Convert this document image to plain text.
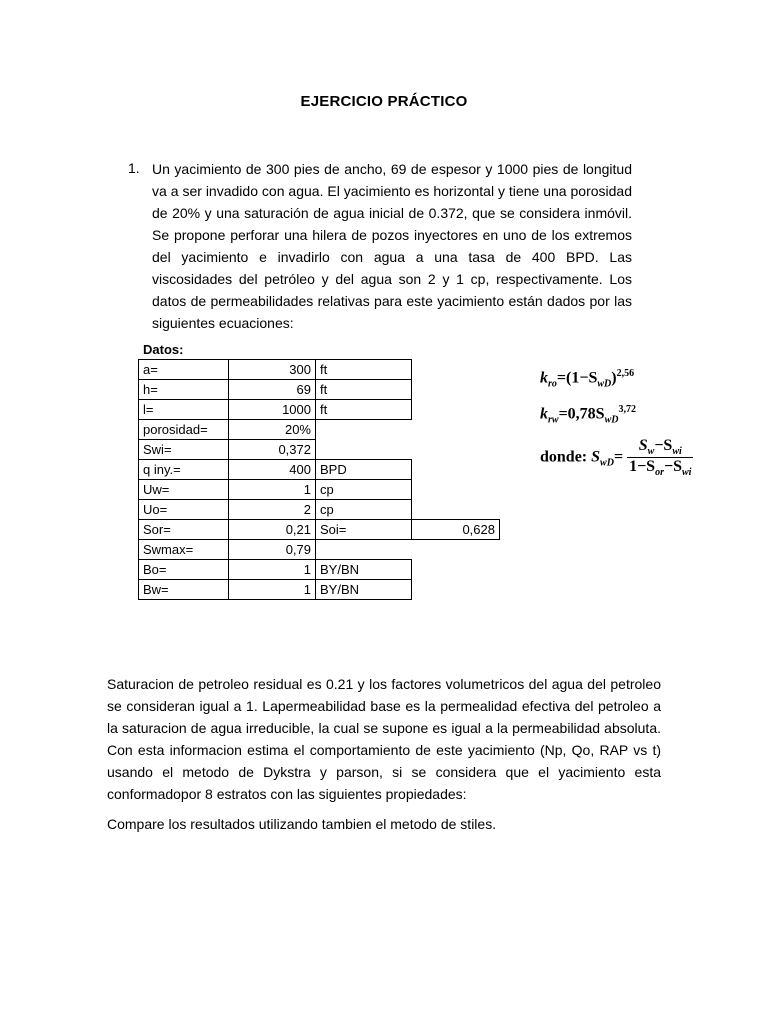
EJERCICIO PRÁCTICO
1. Un yacimiento de 300 pies de ancho, 69 de espesor y 1000 pies de longitud va a ser invadido con agua. El yacimiento es horizontal y tiene una porosidad de 20% y una saturación de agua inicial de 0.372, que se considera inmóvil. Se propone perforar una hilera de pozos inyectores en uno de los extremos del yacimiento e invadirlo con agua a una tasa de 400 BPD. Las viscosidades del petróleo y del agua son 2 y 1 cp, respectivamente. Los datos de permeabilidades relativas para este yacimiento están dados por las siguientes ecuaciones:

Datos:
a=	300 ft
h=	69 ft
l=	1000 ft
porosidad=	20%
Swi=	0,372
q iny.=	400 BPD
Uw=	1 cp
Uo=	2 cp
Sor=	0,21 Soi=	0,628
Swmax=	0,79
Bo=	1 BY/BN
Bw=	1 BY/BN
$k_{ro}=(1-S_{wD})^{2,56}$
$k_{rw}=0,78S_{wD}^{3,72}$
donde: $S_{wD}= \frac{S_w-S_{wi}}{1-S_{or}-S_{wi}}$

Saturacion de petroleo residual es 0.21 y los factores volumetricos del agua del petroleo se consideran igual a 1. Lapermeabilidad base es la permealidad efectiva del petroleo a la saturacion de agua irreducible, la cual se supone es igual a la permeabilidad absoluta. Con esta informacion estima el comportamiento de este yacimiento (Np, Qo, RAP vs t) usando el metodo de Dykstra y parson, si se considera que el yacimiento esta conformadopor 8 estratos con las siguientes propiedades:

Compare los resultados utilizando tambien el metodo de stiles.
